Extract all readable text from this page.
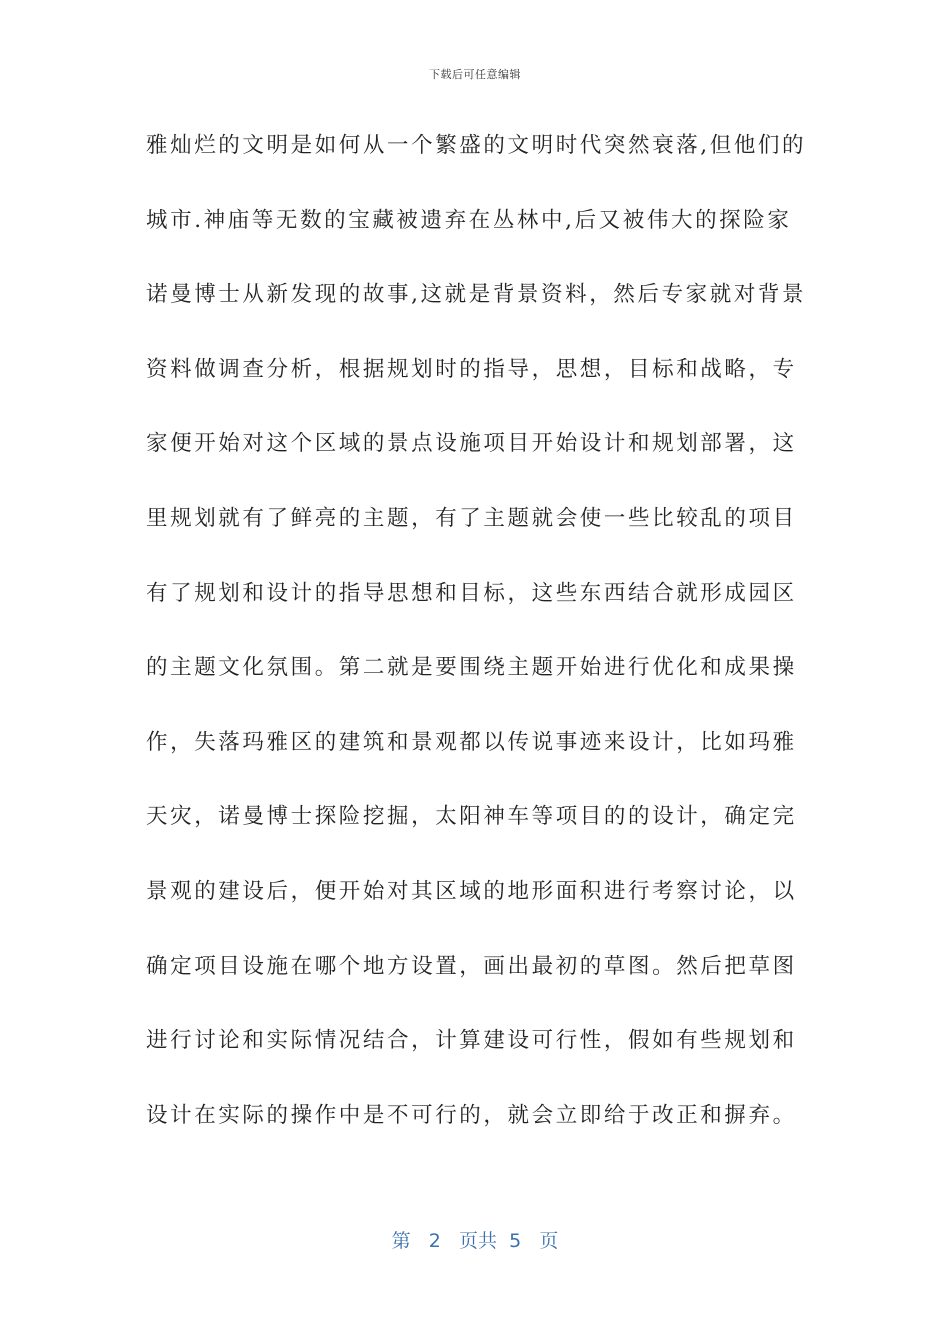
下载后可任意编辑
雅灿烂的文明是如何从一个繁盛的文明时代突然衰落,但他们的
城市.神庙等无数的宝藏被遗弃在丛林中,后又被伟大的探险家
诺曼博士从新发现的故事,这就是背景资料，然后专家就对背景
资料做调查分析，根据规划时的指导，思想，目标和战略，专
家便开始对这个区域的景点设施项目开始设计和规划部署，这
里规划就有了鲜亮的主题，有了主题就会使一些比较乱的项目
有了规划和设计的指导思想和目标，这些东西结合就形成园区
的主题文化氛围。第二就是要围绕主题开始进行优化和成果操
作，失落玛雅区的建筑和景观都以传说事迹来设计，比如玛雅
天灾，诺曼博士探险挖掘，太阳神车等项目的的设计，确定完
景观的建设后，便开始对其区域的地形面积进行考察讨论，以
确定项目设施在哪个地方设置，画出最初的草图。然后把草图
进行讨论和实际情况结合，计算建设可行性，假如有些规划和
设计在实际的操作中是不可行的，就会立即给于改正和摒弃。
第 2 页共 5 页
